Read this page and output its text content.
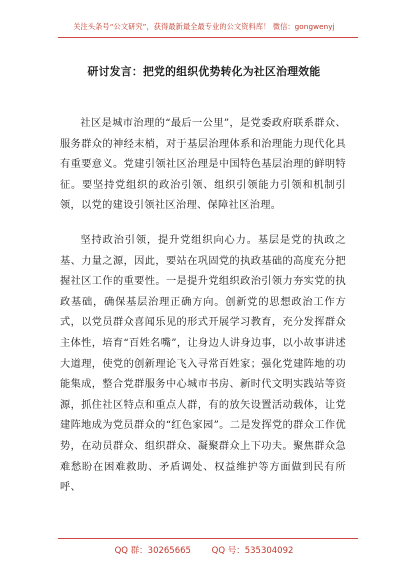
关注头条号“公文研究”，获得最新最全最专业的公文资料库！ 微信：gongwenyj
研讨发言：把党的组织优势转化为社区治理效能

社区是城市治理的“最后一公里”，是党委政府联系群众、服务群众的神经末梢，对于基层治理体系和治理能力现代化具有重要意义。党建引领社区治理是中国特色基层治理的鲜明特征。要坚持党组织的政治引领、组织引领能力引领和机制引领，以党的建设引领社区治理、保障社区治理。

坚持政治引领，提升党组织向心力。基层是党的执政之基、力量之源，因此，要站在巩固党的执政基础的高度充分把握社区工作的重要性。一是提升党组织政治引领力夯实党的执政基础，确保基层治理正确方向。创新党的思想政治工作方式，以党员群众喜闻乐见的形式开展学习教育，充分发挥群众主体性，培育“百姓名嘴”，让身边人讲身边事，以小故事讲述大道理，使党的创新理论飞入寻常百姓家；强化党建阵地的功能集成，整合党群服务中心城市书房、新时代文明实践站等资源，抓住社区特点和重点人群，有的放矢设置活动载体，让党建阵地成为党员群众的“红色家园”。二是发挥党的群众工作优势，在动员群众、组织群众、凝聚群众上下功夫。聚焦群众急难愁盼在困难救助、矛盾调处、权益维护等方面做到民有所呼、

QQ 群：30265665 QQ 号：535304092
